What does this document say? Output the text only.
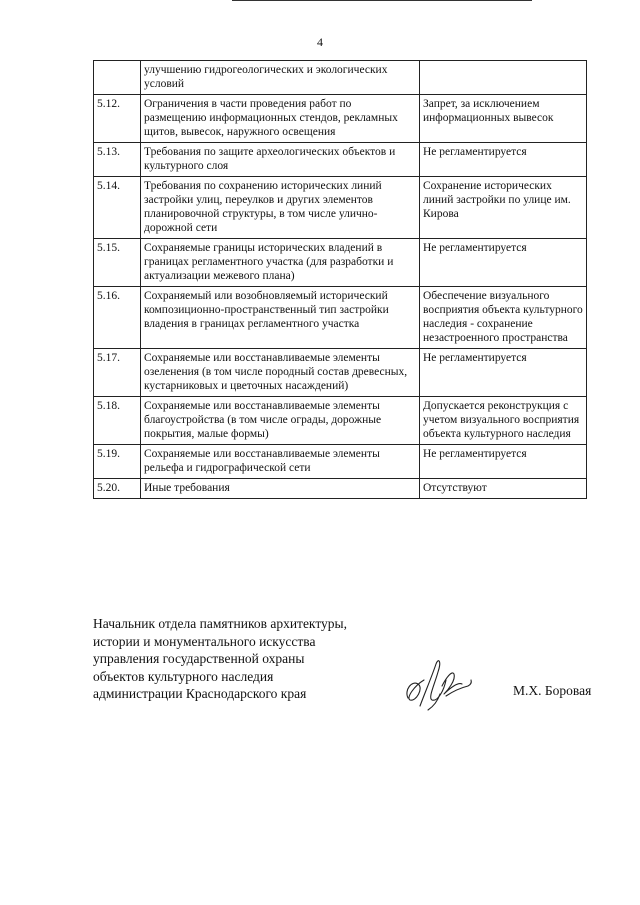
4
	улучшению гидрогеологических и экологических условий	
5.12.	Ограничения в части проведения работ по размещению информационных стендов, рекламных щитов, вывесок, наружного освещения	Запрет, за исключением информационных вывесок
5.13.	Требования по защите археологических объектов и культурного слоя	Не регламентируется
5.14.	Требования по сохранению исторических линий застройки улиц, переулков и других элементов планировочной структуры, в том числе улично-дорожной сети	Сохранение исторических линий застройки по улице им. Кирова
5.15.	Сохраняемые границы исторических владений в границах регламентного участка (для разработки и актуализации межевого плана)	Не регламентируется
5.16.	Сохраняемый или возобновляемый исторический композиционно-пространственный тип застройки владения в границах регламентного участка	Обеспечение визуального восприятия объекта культурного наследия - сохранение незастроенного пространства
5.17.	Сохраняемые или восстанавливаемые элементы озеленения (в том числе породный состав древесных, кустарниковых и цветочных насаждений)	Не регламентируется
5.18.	Сохраняемые или восстанавливаемые элементы благоустройства (в том числе ограды, дорожные покрытия, малые формы)	Допускается реконструкция с учетом визуального восприятия объекта культурного наследия
5.19.	Сохраняемые или восстанавливаемые элементы рельефа и гидрографической сети	Не регламентируется
5.20.	Иные требования	Отсутствуют
Начальник отдела памятников архитектуры,
истории и монументального искусства
управления государственной охраны
объектов культурного наследия
администрации Краснодарского края	М.Х. Боровая
